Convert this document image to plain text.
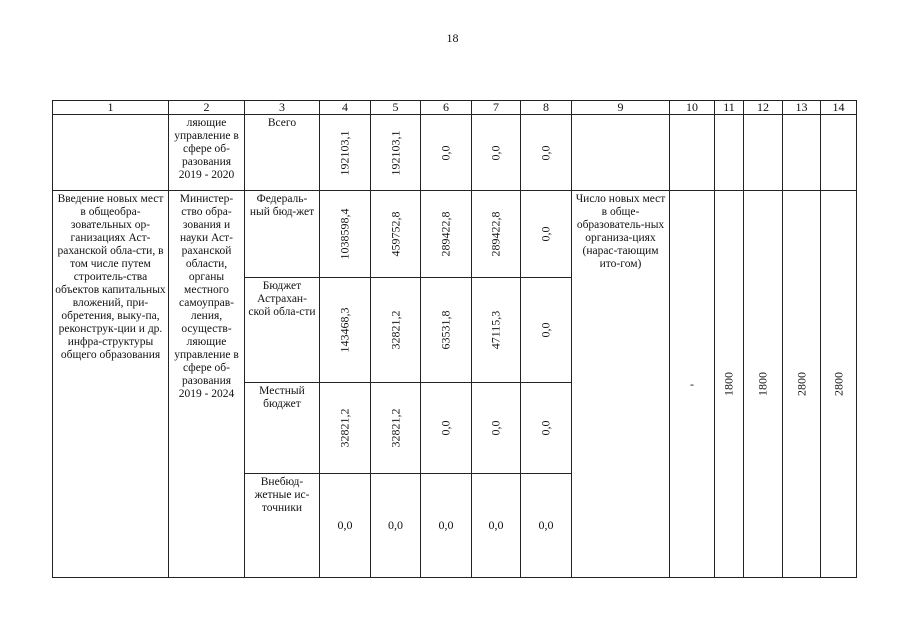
18
1	2	3	4	5	6	7	8	9	10	11	12	13	14
	ляющие управление в сфере об-разования 2019 - 2020	Всего	192103,1	192103,1	0,0	0,0	0,0						

Введение новых мест в общеобра-зовательных ор-ганизациях Аст-раханской обла-сти, в том числе путем строитель-ства объектов капитальных вложений, при-обретения, выку-па, реконструк-ции и др. инфра-структуры общего образования	Министер-ство обра-зования и науки Аст-раханской области, органы местного самоуправ-ления, осуществ-ляющие управление в сфере об-разования 2019 - 2024	Федераль-ный бюд-жет	1038598,4	459752,8	289422,8	289422,8	0,0	Число новых мест в обще-образователь-ных организа-циях (нарас-тающим ито-гом)	-	1800	1800	2800	2800

		Бюджет Астрахан-ской обла-сти	143468,3	32821,2	63531,8	47115,3	0,0						

		Местный бюджет	32821,2	32821,2	0,0	0,0	0,0						

		Внебюд-жетные ис-точники	0,0	0,0	0,0	0,0	0,0						
